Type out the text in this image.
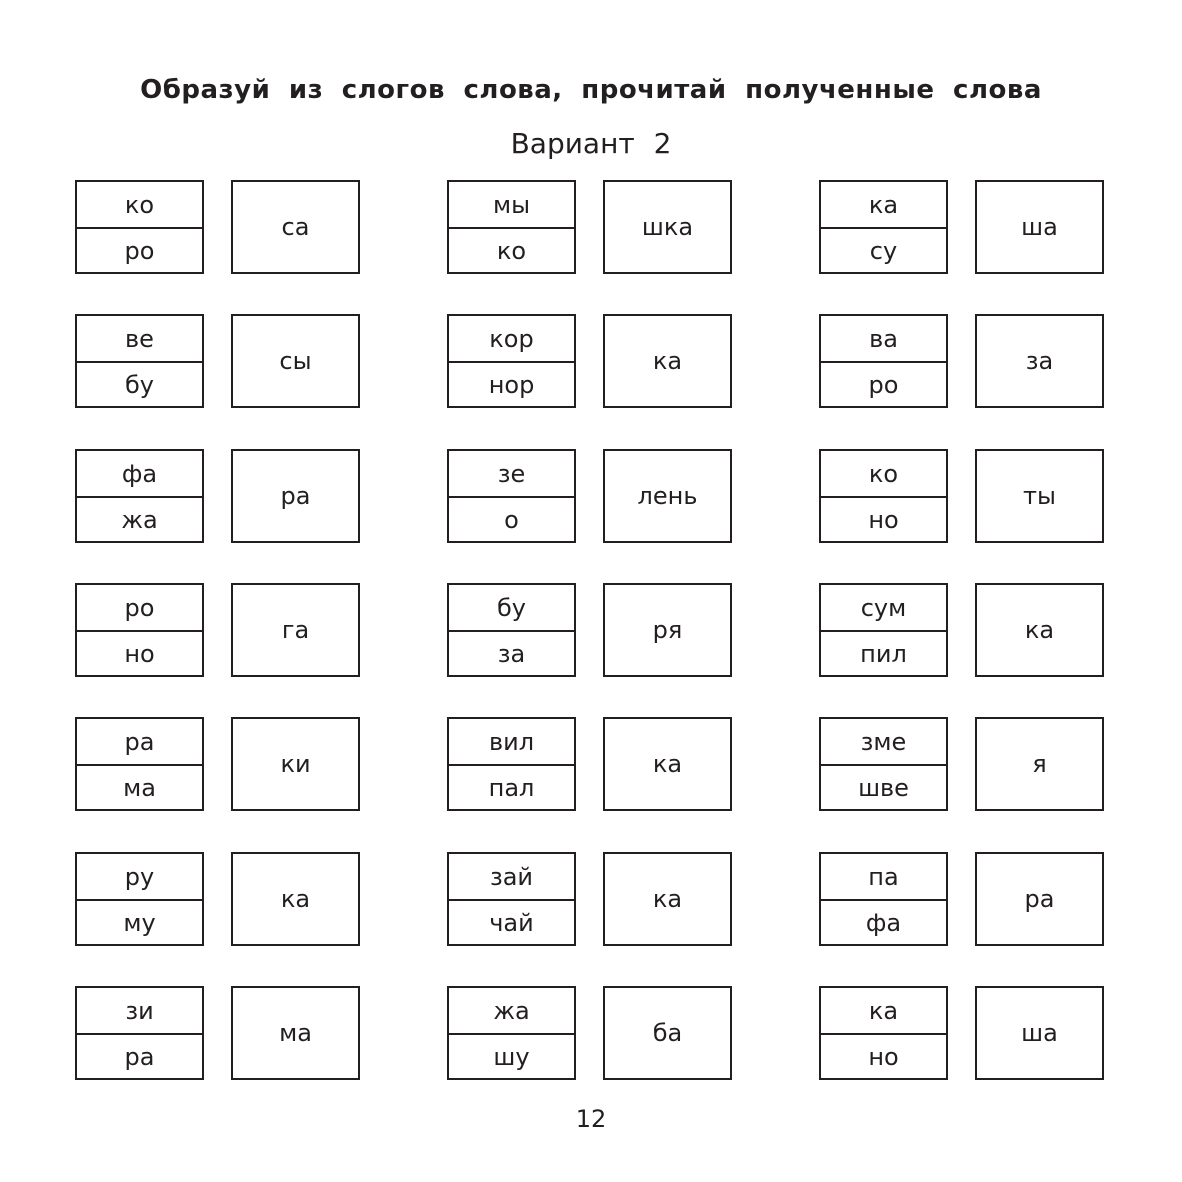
Образуй из слогов слова, прочитай полученные слова
Вариант 2
ко
ро
са
мы
ко
шка
ка
су
ша
ве
бу
сы
кор
нор
ка
ва
ро
за
фа
жа
ра
зе
о
лень
ко
но
ты
ро
но
га
бу
за
ря
сум
пил
ка
ра
ма
ки
вил
пал
ка
зме
шве
я
ру
му
ка
зай
чай
ка
па
фа
ра
зи
ра
ма
жа
шу
ба
ка
но
ша
12
